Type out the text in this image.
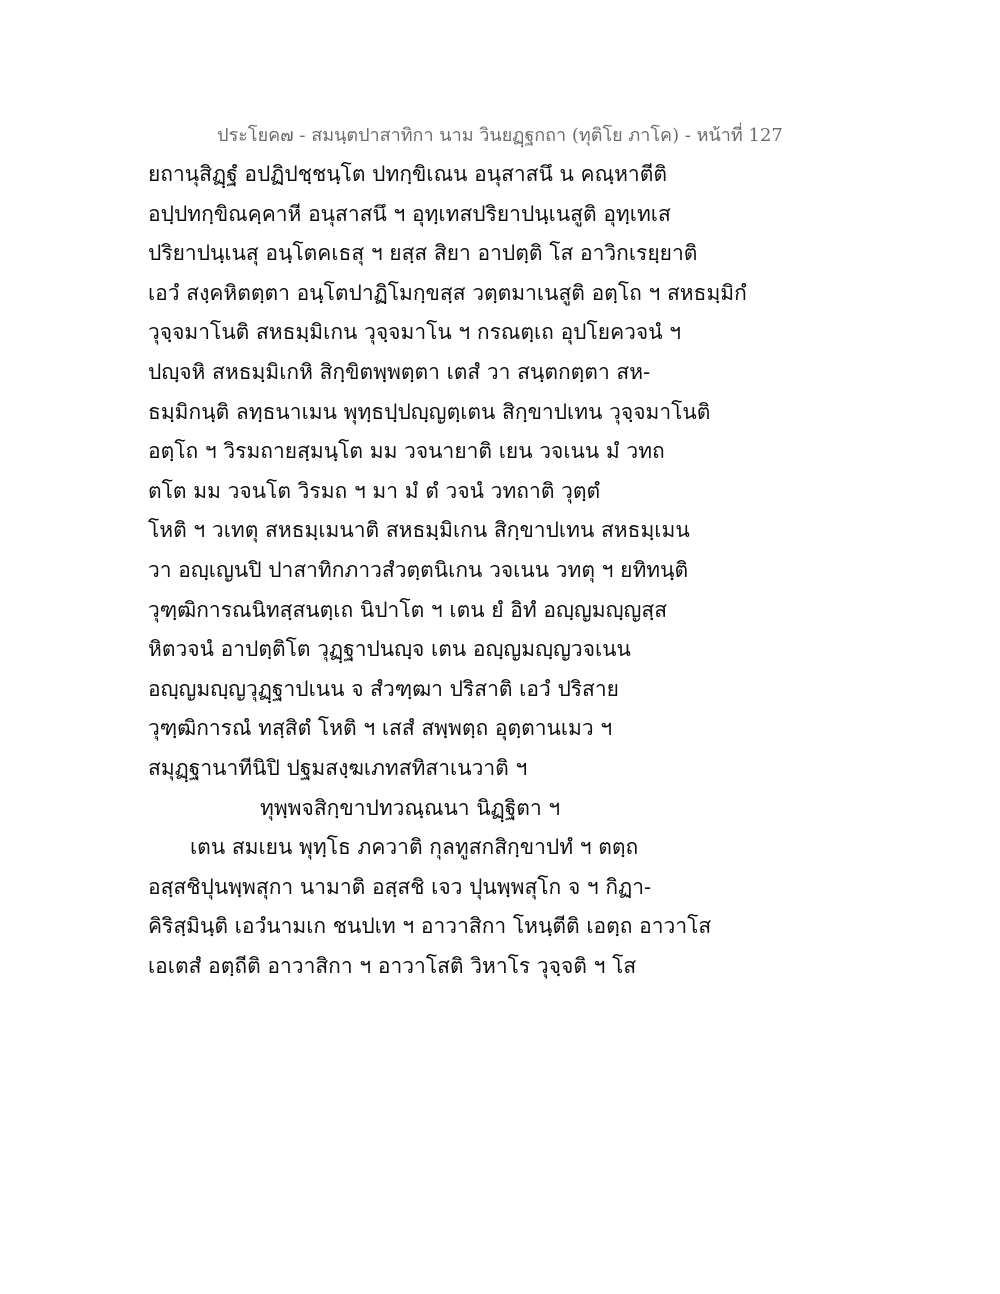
ประโยค๗ - สมนฺตปาสาทิกา นาม วินยฏฺฐกถา (ทุติโย ภาโค) - หน้าที่ 127
ยถานุสิฏฺฐํ อปฏิปชฺชนฺโต ปทกฺขิเณน อนุสาสนึ น คณฺหาตีติ
อปฺปทกฺขิณคฺคาหี อนุสาสนึ ฯ อุทฺเทสปริยาปนฺเนสูติ อุทฺเทเส
ปริยาปนฺเนสุ อนฺโตคเธสุ ฯ ยสฺส สิยา อาปตฺติ โส อาวิกเรยฺยาติ
เอวํ สงฺคหิตตฺตา อนฺโตปาฏิโมกฺขสฺส วตฺตมาเนสูติ อตฺโถ ฯ สหธมฺมิกํ
วุจฺจมาโนติ สหธมฺมิเกน วุจฺจมาโน ฯ กรณตฺเถ อุปโยควจนํ ฯ
ปญฺจหิ สหธมฺมิเกหิ สิกฺขิตพฺพตฺตา เตสํ วา สนฺตกตฺตา สห-
ธมฺมิกนฺติ ลทฺธนาเมน พุทฺธปฺปญฺญตฺเตน สิกฺขาปเทน วุจฺจมาโนติ
อตฺโถ ฯ วิรมถายสฺมนฺโต มม วจนายาติ เยน วจเนน มํ วทถ
ตโต มม วจนโต วิรมถ ฯ มา มํ ตํ วจนํ วทถาติ วุตฺตํ
โหติ ฯ วเทตุ สหธมฺเมนาติ สหธมฺมิเกน สิกฺขาปเทน สหธมฺเมน
วา อญฺเญนปิ ปาสาทิกภาวสํวตฺตนิเกน วจเนน วทตุ ฯ ยทิทนฺติ
วุฑฺฒิการณนิทสฺสนตฺเถ นิปาโต ฯ เตน ยํ อิทํ อญฺญมญฺญสฺส
หิตวจนํ อาปตฺติโต วุฏฺฐาปนญฺจ เตน อญฺญมญฺญวจเนน
อญฺญมญฺญวุฏฺฐาปเนน จ สํวฑฺฒา ปริสาติ เอวํ ปริสาย
วุฑฺฒิการณํ ทสฺสิตํ โหติ ฯ เสสํ สพฺพตฺถ อุตฺตานเมว ฯ
สมุฏฺฐานาทีนิปิ ปฐมสงฺฆเภทสทิสาเนวาติ ฯ
ทุพฺพจสิกฺขาปทวณฺณนา นิฏฺฐิตา ฯ
เตน สมเยน พุทฺโธ ภควาติ กุลทูสกสิกฺขาปทํ ฯ ตตฺถ
อสฺสชิปุนพฺพสุกา นามาติ อสฺสชิ เจว ปุนพฺพสุโก จ ฯ กิฏา-
คิริสฺมินฺติ เอวํนามเก ชนปเท ฯ อาวาสิกา โหนฺตีติ เอตฺถ อาวาโส
เอเตสํ อตฺถีติ อาวาสิกา ฯ อาวาโสติ วิหาโร วุจฺจติ ฯ โส
